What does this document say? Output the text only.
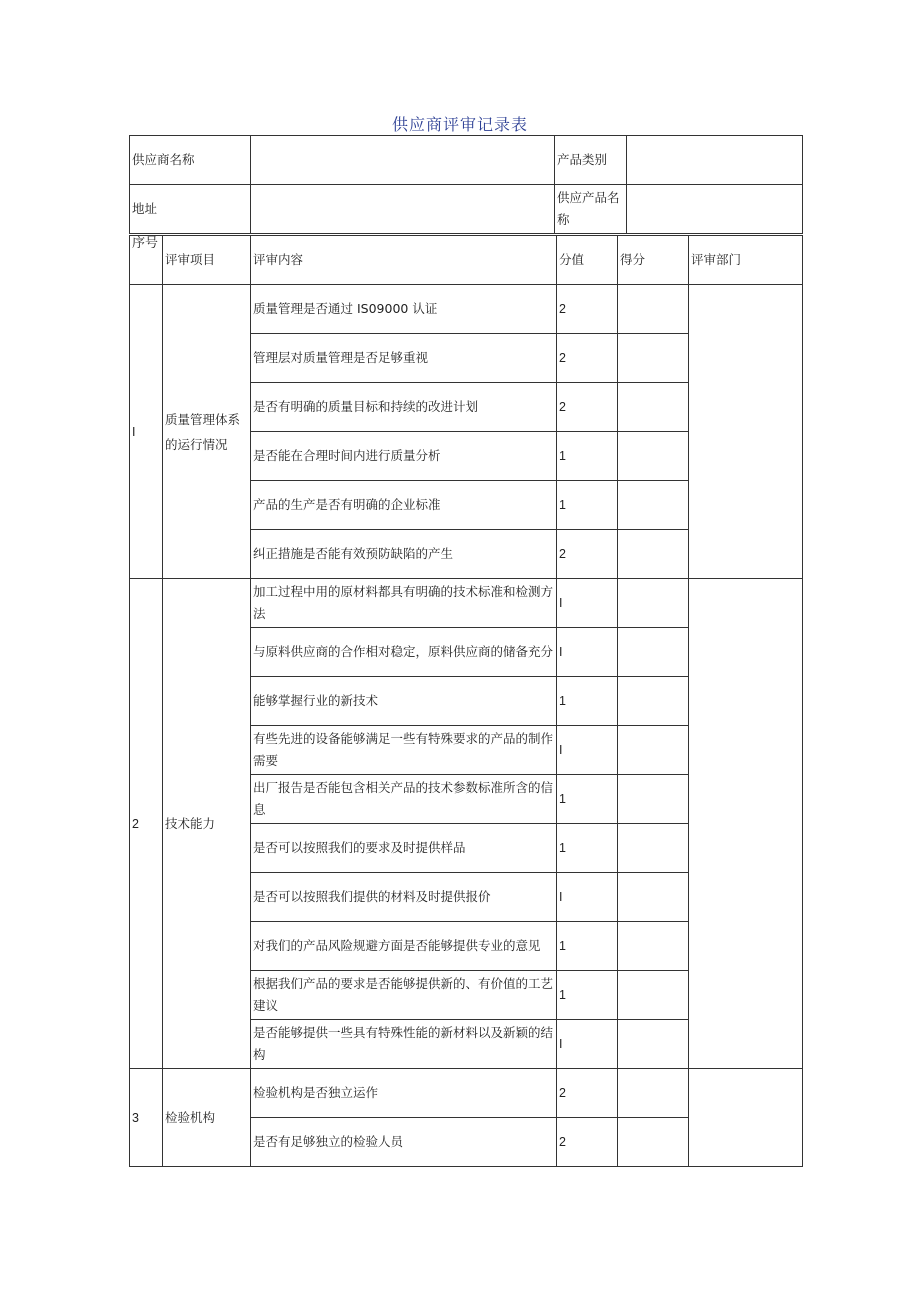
供应商评审记录表
供应商名称		产品类别	
地址		供应产品名称	
序号	评审项目	评审内容	分值	得分	评审部门
I	质量管理体系的运行情况	质量管理是否通过 IS09000 认证	2		
		管理层对质量管理是否足够重视	2		
		是否有明确的质量目标和持续的改进计划	2		
		是否能在合理时间内进行质量分析	1		
		产品的生产是否有明确的企业标准	1		
		纠正措施是否能有效预防缺陷的产生	2		
2	技术能力	加工过程中用的原材料都具有明确的技术标准和检测方法	I		
		与原料供应商的合作相对稳定，原料供应商的储备充分	I		
		能够掌握行业的新技术	1		
		有些先进的设备能够满足一些有特殊要求的产品的制作需要	I		
		出厂报告是否能包含相关产品的技术参数标准所含的信息	1		
		是否可以按照我们的要求及时提供样品	1		
		是否可以按照我们提供的材料及时提供报价	I		
		对我们的产品风险规避方面是否能够提供专业的意见	1		
		根据我们产品的要求是否能够提供新的、有价值的工艺建议	1		
		是否能够提供一些具有特殊性能的新材料以及新颖的结构	I		
3	检验机构	检验机构是否独立运作	2		
		是否有足够独立的检验人员	2		
